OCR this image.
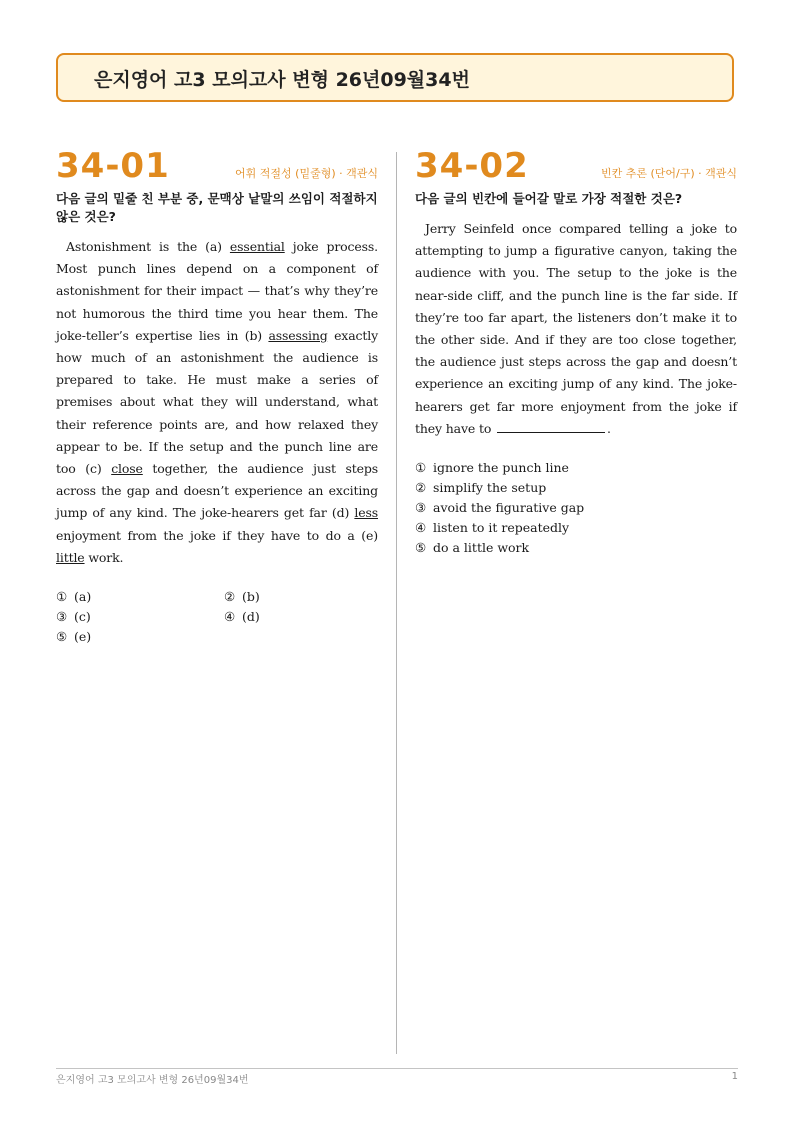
은지영어 고3 모의고사 변형 26년09월34번
34-01	어휘 적절성 (밑줄형) · 객관식
다음 글의 밑줄 친 부분 중, 문맥상 낱말의 쓰임이 적절하지 않은 것은?
Astonishment is the (a) essential joke process. Most punch lines depend on a component of astonishment for their impact — that’s why they’re not humorous the third time you hear them. The joke-teller’s expertise lies in (b) assessing exactly how much of an astonishment the audience is prepared to take. He must make a series of premises about what they will understand, what their reference points are, and how relaxed they appear to be. If the setup and the punch line are too (c) close together, the audience just steps across the gap and doesn’t experience an exciting jump of any kind. The joke-hearers get far (d) less enjoyment from the joke if they have to do a (e) little work.
① (a)	② (b)
③ (c)	④ (d)
⑤ (e)
34-02	빈칸 추론 (단어/구) · 객관식
다음 글의 빈칸에 들어갈 말로 가장 적절한 것은?
Jerry Seinfeld once compared telling a joke to attempting to jump a figurative canyon, taking the audience with you. The setup to the joke is the near-side cliff, and the punch line is the far side. If they’re too far apart, the listeners don’t make it to the other side. And if they are too close together, the audience just steps across the gap and doesn’t experience an exciting jump of any kind. The joke-hearers get far more enjoyment from the joke if they have to	.
① ignore the punch line
② simplify the setup
③ avoid the figurative gap
④ listen to it repeatedly
⑤ do a little work
은지영어 고3 모의고사 변형 26년09월34번	1
